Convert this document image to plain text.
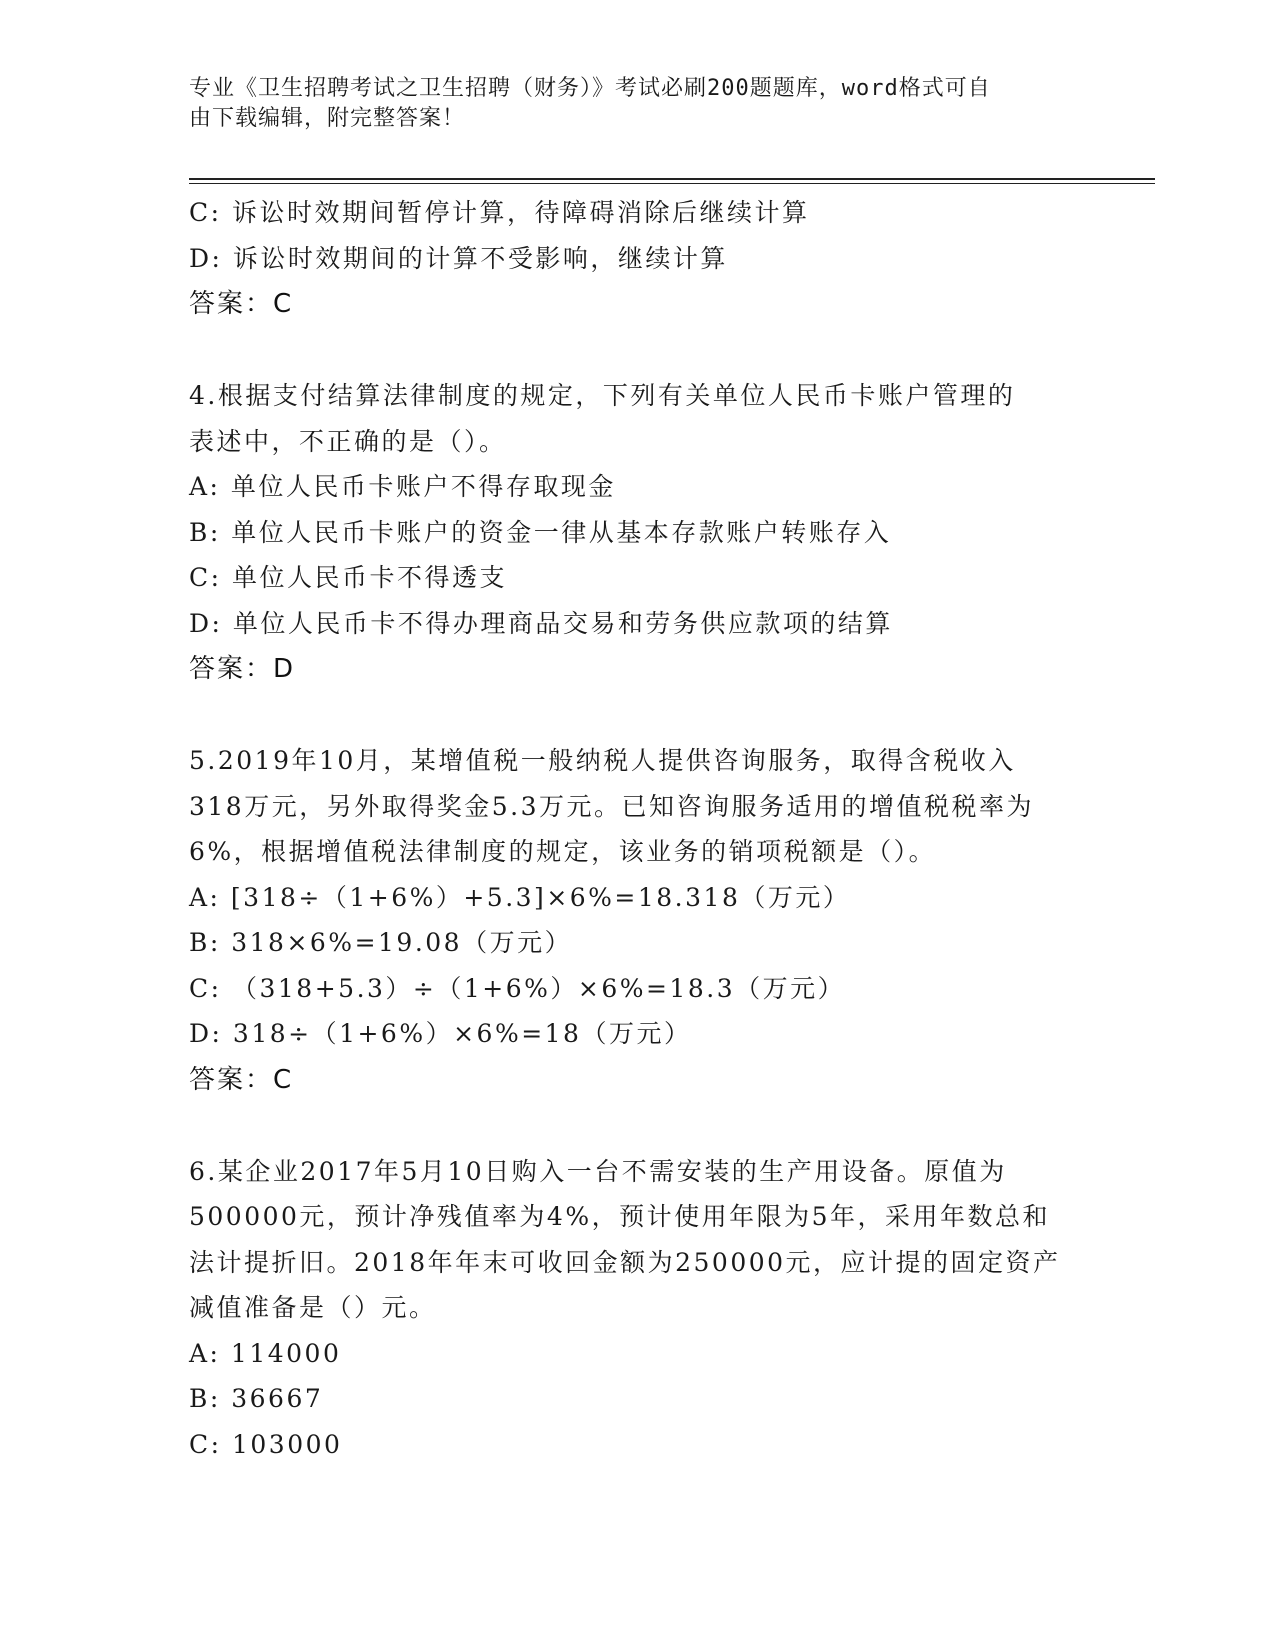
专业《卫生招聘考试之卫生招聘（财务）》考试必刷200题题库，word格式可自
由下载编辑，附完整答案！
C: 诉讼时效期间暂停计算，待障碍消除后继续计算
D: 诉讼时效期间的计算不受影响，继续计算
答案：C
4.根据支付结算法律制度的规定，下列有关单位人民币卡账户管理的
表述中，不正确的是（）。
A: 单位人民币卡账户不得存取现金
B: 单位人民币卡账户的资金一律从基本存款账户转账存入
C: 单位人民币卡不得透支
D: 单位人民币卡不得办理商品交易和劳务供应款项的结算
答案：D
5.2019年10月，某增值税一般纳税人提供咨询服务，取得含税收入
318万元，另外取得奖金5.3万元。已知咨询服务适用的增值税税率为
6%，根据增值税法律制度的规定，该业务的销项税额是（）。
A: [318÷（1+6%）+5.3]×6%=18.318（万元）
B: 318×6%=19.08（万元）
C: （318+5.3）÷（1+6%）×6%=18.3（万元）
D: 318÷（1+6%）×6%=18（万元）
答案：C
6.某企业2017年5月10日购入一台不需安装的生产用设备。原值为
500000元，预计净残值率为4%，预计使用年限为5年，采用年数总和
法计提折旧。2018年年末可收回金额为250000元，应计提的固定资产
减值准备是（）元。
A: 114000
B: 36667
C: 103000
